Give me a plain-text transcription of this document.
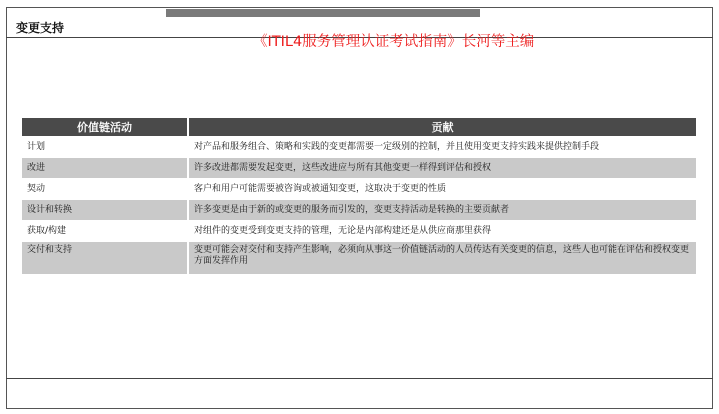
变更支持
《ITIL4服务管理认证考试指南》长河等主编
价值链活动	贡献
计划	对产品和服务组合、策略和实践的变更都需要一定级别的控制，并且使用变更支持实践来提供控制手段
改进	许多改进都需要发起变更，这些改进应与所有其他变更一样得到评估和授权
契动	客户和用户可能需要被咨询或被通知变更，这取决于变更的性质
设计和转换	许多变更是由于新的或变更的服务而引发的，变更支持活动是转换的主要贡献者
获取/构建	对组件的变更受到变更支持的管理，无论是内部构建还是从供应商那里获得
交付和支持	变更可能会对交付和支持产生影响，必须向从事这一价值链活动的人员传达有关变更的信息，这些人也可能在评估和授权变更方面发挥作用
